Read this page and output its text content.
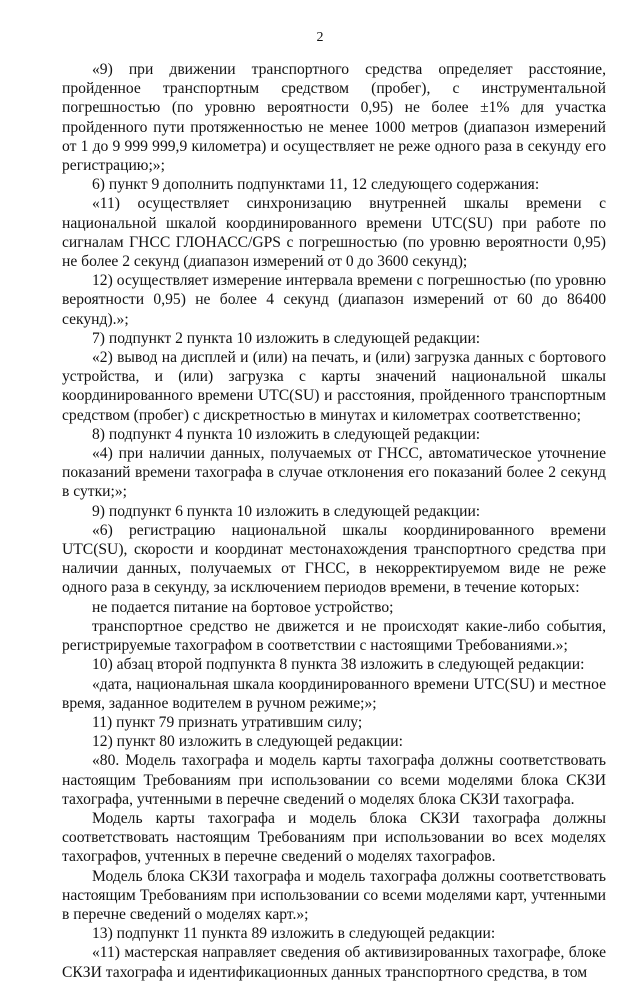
2

«9) при движении транспортного средства определяет расстояние, пройденное транспортным средством (пробег), с инструментальной погрешностью (по уровню вероятности 0,95) не более ±1% для участка пройденного пути протяженностью не менее 1000 метров (диапазон измерений от 1 до 9 999 999,9 километра) и осуществляет не реже одного раза в секунду его регистрацию;»;

6) пункт 9 дополнить подпунктами 11, 12 следующего содержания:

«11) осуществляет синхронизацию внутренней шкалы времени с национальной шкалой координированного времени UTC(SU) при работе по сигналам ГНСС ГЛОНАСС/GPS с погрешностью (по уровню вероятности 0,95) не более 2 секунд (диапазон измерений от 0 до 3600 секунд);

12) осуществляет измерение интервала времени с погрешностью (по уровню вероятности 0,95) не более 4 секунд (диапазон измерений от 60 до 86400 секунд).»;

7) подпункт 2 пункта 10 изложить в следующей редакции:

«2) вывод на дисплей и (или) на печать, и (или) загрузка данных с бортового устройства, и (или) загрузка с карты значений национальной шкалы координированного времени UTC(SU) и расстояния, пройденного транспортным средством (пробег) с дискретностью в минутах и километрах соответственно;

8) подпункт 4 пункта 10 изложить в следующей редакции:

«4) при наличии данных, получаемых от ГНСС, автоматическое уточнение показаний времени тахографа в случае отклонения его показаний более 2 секунд в сутки;»;

9) подпункт 6 пункта 10 изложить в следующей редакции:

«6) регистрацию национальной шкалы координированного времени UTC(SU), скорости и координат местонахождения транспортного средства при наличии данных, получаемых от ГНСС, в некорректируемом виде не реже одного раза в секунду, за исключением периодов времени, в течение которых:

не подается питание на бортовое устройство;

транспортное средство не движется и не происходят какие-либо события, регистрируемые тахографом в соответствии с настоящими Требованиями.»;

10) абзац второй подпункта 8 пункта 38 изложить в следующей редакции:

«дата, национальная шкала координированного времени UTC(SU) и местное время, заданное водителем в ручном режиме;»;

11) пункт 79 признать утратившим силу;

12) пункт 80 изложить в следующей редакции:

«80. Модель тахографа и модель карты тахографа должны соответствовать настоящим Требованиям при использовании со всеми моделями блока СКЗИ тахографа, учтенными в перечне сведений о моделях блока СКЗИ тахографа.

Модель карты тахографа и модель блока СКЗИ тахографа должны соответствовать настоящим Требованиям при использовании во всех моделях тахографов, учтенных в перечне сведений о моделях тахографов.

Модель блока СКЗИ тахографа и модель тахографа должны соответствовать настоящим Требованиям при использовании со всеми моделями карт, учтенными в перечне сведений о моделях карт.»;

13) подпункт 11 пункта 89 изложить в следующей редакции:

«11) мастерская направляет сведения об активизированных тахографе, блоке СКЗИ тахографа и идентификационных данных транспортного средства, в том
